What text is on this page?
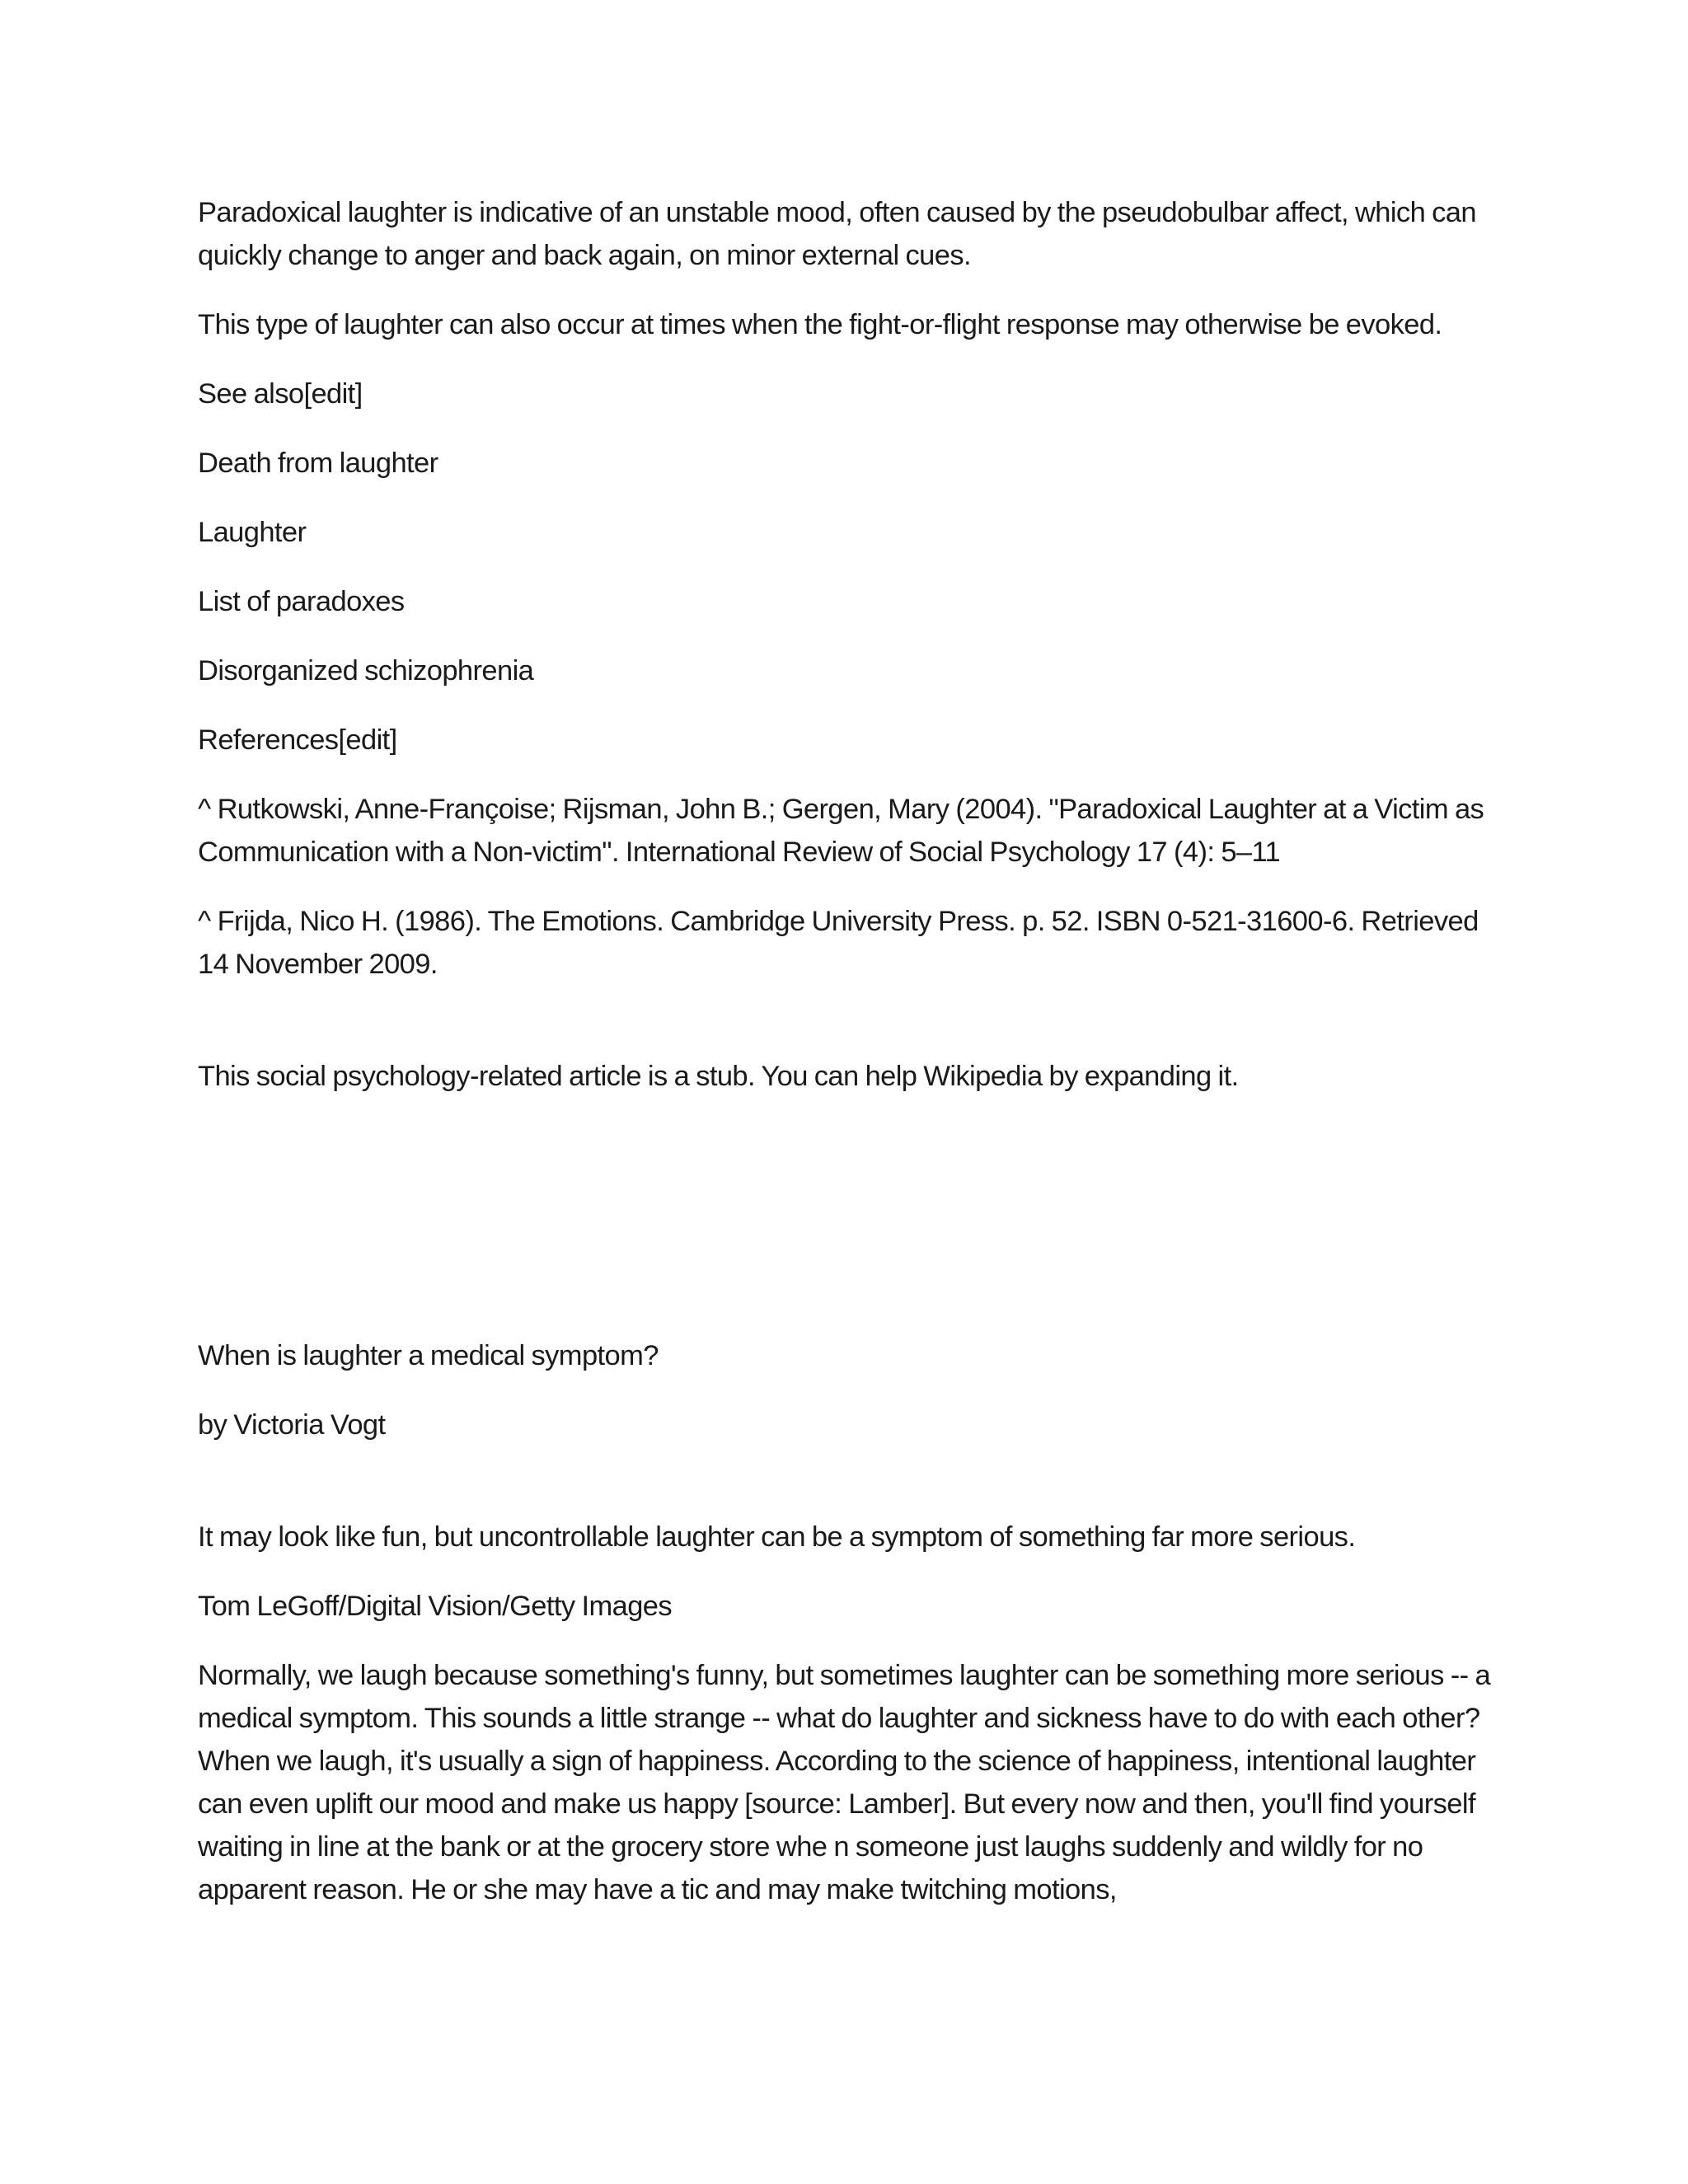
Paradoxical laughter is indicative of an unstable mood, often caused by the pseudobulbar affect, which can quickly change to anger and back again, on minor external cues.

This type of laughter can also occur at times when the fight-or-flight response may otherwise be evoked.

See also[edit]

Death from laughter

Laughter

List of paradoxes

Disorganized schizophrenia

References[edit]

^ Rutkowski, Anne-Françoise; Rijsman, John B.; Gergen, Mary (2004). "Paradoxical Laughter at a Victim as Communication with a Non-victim". International Review of Social Psychology 17 (4): 5–11

^ Frijda, Nico H. (1986). The Emotions. Cambridge University Press. p. 52. ISBN 0-521-31600-6. Retrieved 14 November 2009.

This social psychology-related article is a stub. You can help Wikipedia by expanding it.

When is laughter a medical symptom?

by Victoria Vogt

It may look like fun, but uncontrollable laughter can be a symptom of something far more serious.

Tom LeGoff/Digital Vision/Getty Images

Normally, we laugh because something's funny, but sometimes laughter can be something more serious -- a medical symptom. This sounds a little strange -- what do laughter and sickness have to do with each other? When we laugh, it's usually a sign of happiness. According to the science of happiness, intentional laughter can even uplift our mood and make us happy [source: Lamber]. But every now and then, you'll find yourself waiting in line at the bank or at the grocery store whe n someone just laughs suddenly and wildly for no apparent reason. He or she may have a tic and may make twitching motions,
